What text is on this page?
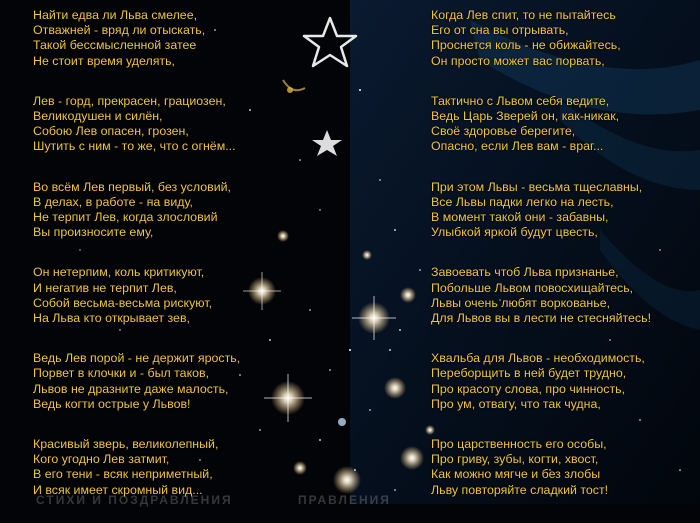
Найти едва ли Льва смелее,
Отважней - вряд ли отыскать,
Такой бессмысленной затее
Не стоит время уделять,
Лев - горд, прекрасен, грациозен,
Великодушен и силён,
Собою Лев опасен, грозен,
Шутить с ним - то же, что с огнём...
Во всём Лев первый, без условий,
В делах, в работе - на виду,
Не терпит Лев, когда злословий
Вы произносите ему,
Он нетерпим, коль критикуют,
И негатив не терпит Лев,
Собой весьма-весьма рискуют,
На Льва кто открывает зев,
Ведь Лев порой - не держит ярость,
Порвет в клочки и - был таков,
Львов не дразните даже малость,
Ведь когти острые у Львов!
Красивый зверь, великолепный,
Кого угодно Лев затмит,
В его тени - всяк неприметный,
И всяк имеет скромный вид...
Когда Лев спит, то не пытайтесь
Его от сна вы отрывать,
Проснется коль - не обижайтесь,
Он просто может вас порвать,
Тактично с Львом себя ведите,
Ведь Царь Зверей он, как-никак,
Своё здоровье берегите,
Опасно, если Лев вам - враг...
При этом Львы - весьма тщеславны,
Все Львы падки легко на лесть,
В момент такой они - забавны,
Улыбкой яркой будут цвесть,
Завоевать чтоб Льва признанье,
Побольше Львом повосхищайтесь,
Львы очень любят воркованье,
Для Львов вы в лести не стесняйтесь!
Хвальба для Львов - необходимость,
Переборщить в ней будет трудно,
Про красоту слова, про чинность,
Про ум, отвагу, что так чудна,
Про царственность его особы,
Про гриву, зубы, когти, хвост,
Как можно мягче и без злобы
Льву повторяйте сладкий тост!
СТИХИ И ПОЗДРАВЛЕНИЯ	ПРАВЛЕНИЯ
